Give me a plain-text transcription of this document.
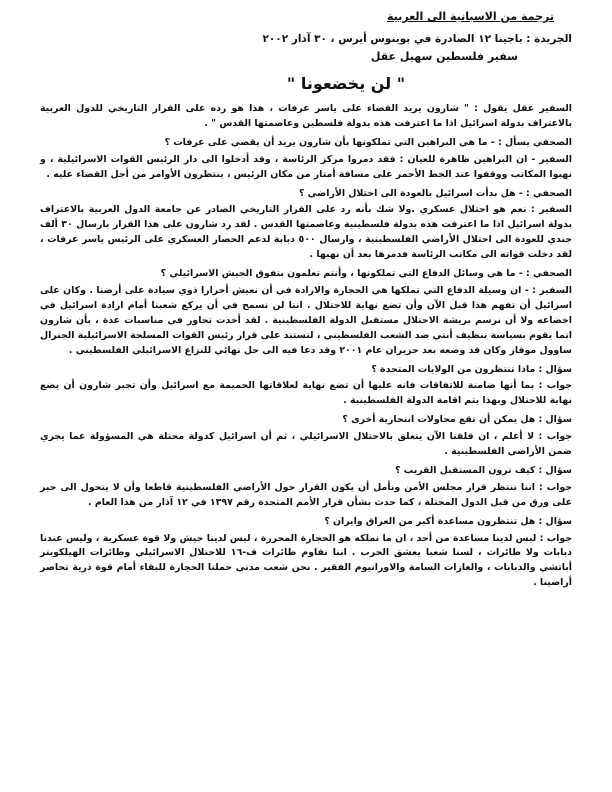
ترجمة من الاسبانية الى العربية
الجريدة : باجينا ١٢ الصادرة في بوينوس أيرس ، ٣٠ آذار ٢٠٠٢
سفير فلسطين سهيل عقل
" لن يخضعونا "

السفير عقل يقول : " شارون يريد القضاء على ياسر عرفات ، هذا هو رده على القرار التاريخي للدول العربية بالاعتراف بدولة اسرائيل اذا ما اعترفت هذه بدولة فلسطين وعاصمتها القدس " .

الصحفي يسأل : - ما هي البراهين التي تملكونها بأن شارون يريد أن يقضي على عرفات ؟

السفير - ان البراهين ظاهرة للعيان : فقد دمروا مركز الرئاسة ، وقد أدخلوا الى دار الرئيس القوات الاسرائيلية ، و نهبوا المكاتب ووقفوا عند الخط الأحمر على مسافة أمتار من مكان الرئيس ، ينتظرون الأوامر من أجل القضاء عليه .

الصحفي : - هل بدأت اسرائيل بالعودة الى احتلال الأراضي ؟

السفير : نعم هو احتلال عسكري .ولا شك بأنه رد على القرار التاريخي الصادر عن جامعة الدول العربية بالاعتراف بدولة اسرائيل اذا ما اعترفت هذه بدولة فلسطينية وعاصمتها القدس . لقد رد شارون على هذا القرار بارسال ٣٠ ألف جندي للعودة الى احتلال الأراضي الفلسطينية ، وارسال ٥٠٠ دبابة لدعم الحصار العسكري على الرئيس ياسر عرفات ، لقد دخلت قواته الى مكاتب الرئاسة فدمرها بعد أن نهبها .

الصحفي : - ما هي وسائل الدفاع التي تملكونها ، وأنتم تعلمون بتفوق الجيش الاسرائيلي ؟

السفير : - ان وسيلة الدفاع التي تملكها هي الحجارة والارادة في أن نعيش أحرارا ذوي سيادة على أرضنا . وكان على اسرائيل أن تفهم هذا قبل الآن وأن تضع نهاية للاحتلال . اننا لن نسمح في أن يركع شعبنا أمام ارادة اسرائيل في اخضاعه ولا أن نرسم بريشة الاحتلال مستقبل الدولة الفلسطينية . لقد أخذت تحاور في مناسبات عدة ، بأن شارون انما يقوم بسياسة تنظيف أنتي ضد الشعب الفلسطيني ، لتستند على قرار رئيس القوات المسلحة الاسرائيلية الجنرال ساوول موفاز وكان قد وضعه بعد حزيران عام ٢٠٠١ وقد دعا فيه الى حل نهائي للنزاع الاسرائيلي الفلسطيني .

سؤال : ماذا تنتظرون من الولايات المتحدة ؟

جواب : بما أنها ضامنة للاتفاقات فانه عليها أن تضع نهاية لعلاقاتها الحميمة مع اسرائيل وأن تجبر شارون أن يضع نهاية للاحتلال وبهذا يتم اقامة الدولة الفلسطينية .

سؤال : هل يمكن أن تقع محاولات انتحارية أخرى ؟

جواب : لا أعلم ، ان قلقنا الآن يتعلق بالاحتلال الاسرائيلي ، ثم أن اسرائيل كدولة محتلة هي المسؤولة عما يجري ضمن الأراضي الفلسطينية .

سؤال : كيف ترون المستقبل القريب ؟

جواب : اننا ننتظر قرار مجلس الأمن ونأمل أن يكون القرار حول الأراضي الفلسطينية قاطعا وأن لا يتحول الى حبر على ورق من قبل الدول المحتلة ، كما حدث بشأن قرار الأمم المتحدة رقم ١٣٩٧ في ١٢ آذار من هذا العام .

سؤال : هل تنتظرون مساعدة أكبر من العراق وايران ؟

جواب : ليس لدينا مساعدة من أحد ، ان ما نملكه هو الحجارة المحررة ، ليس لدينا جيش ولا قوة عسكرية ، وليس عندنا دبابات ولا طائرات ، لسنا شعبا يعشق الحرب . اننا نقاوم طائرات ف-١٦ للاحتلال الاسرائيلي وطائرات الهيلكوبتر أباتشي والدبابات ، والغازات السامة والاورانيوم الفقير . نحن شعب مدني حملنا الحجارة للبقاء أمام قوة ذرية تحاصر أراضينا .
